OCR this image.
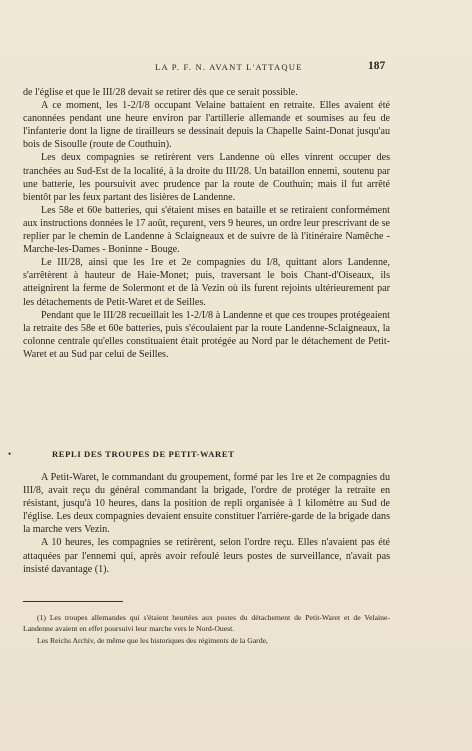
LA P. F. N. AVANT L'ATTAQUE	187

de l'église et que le III/28 devait se retirer dès que ce serait possible.

A ce moment, les 1-2/I/8 occupant Velaine battaient en retraite. Elles avaient été canonnées pendant une heure environ par l'artillerie allemande et soumises au feu de l'infanterie dont la ligne de tirailleurs se dessinait depuis la Chapelle Saint-Donat jusqu'au bois de Sisoulle (route de Couthuin).

Les deux compagnies se retirèrent vers Landenne où elles vinrent occuper des tranchées au Sud-Est de la localité, à la droite du III/28. Un bataillon ennemi, soutenu par une batterie, les poursuivit avec prudence par la route de Couthuin; mais il fut arrêté bientôt par les feux partant des lisières de Landenne.

Les 58e et 60e batteries, qui s'étaient mises en bataille et se retiraient conformément aux instructions données le 17 août, reçurent, vers 9 heures, un ordre leur prescrivant de se replier par le chemin de Landenne à Sclaigneaux et de suivre de là l'itinéraire Namêche - Marche-les-Dames - Boninne - Bouge.

Le III/28, ainsi que les 1re et 2e compagnies du I/8, quittant alors Landenne, s'arrêtèrent à hauteur de Haie-Monet; puis, traversant le bois Chant-d'Oiseaux, ils atteignirent la ferme de Solermont et de là Vezin où ils furent rejoints ultérieurement par les détachements de Petit-Waret et de Seilles.

Pendant que le III/28 recueillait les 1-2/I/8 à Landenne et que ces troupes protégeaient la retraite des 58e et 60e batteries, puis s'écoulaient par la route Landenne-Sclaigneaux, la colonne centrale qu'elles constituaient était protégée au Nord par le détachement de Petit-Waret et au Sud par celui de Seilles.

•	REPLI DES TROUPES DE PETIT-WARET

A Petit-Waret, le commandant du groupement, formé par les 1re et 2e compagnies du III/8, avait reçu du général commandant la brigade, l'ordre de protéger la retraite en résistant, jusqu'à 10 heures, dans la position de repli organisée à 1 kilomètre au Sud de l'église. Les deux compagnies devaient ensuite constituer l'arrière-garde de la brigade dans la marche vers Vezin.

A 10 heures, les compagnies se retirèrent, selon l'ordre reçu. Elles n'avaient pas été attaquées par l'ennemi qui, après avoir refoulé leurs postes de surveillance, n'avait pas insisté davantage (1).

(1) Les troupes allemandes qui s'étaient heurtées aux postes du détachement de Petit-Waret et de Velaine-Landenne avaient en effet poursuivi leur marche vers le Nord-Ouest.

Les Reichs Archiv, de même que les historiques des régiments de la Garde,
